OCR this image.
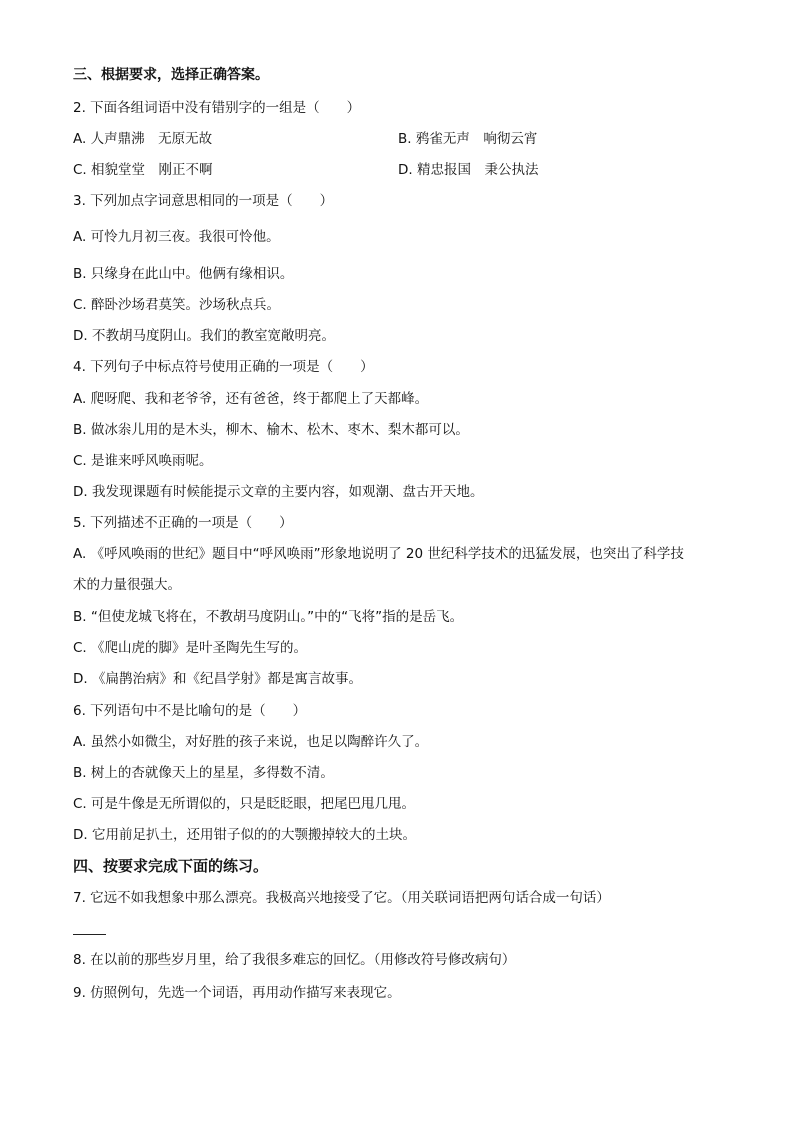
三、根据要求，选择正确答案。
2. 下面各组词语中没有错别字的一组是（　　）
A. 人声鼎沸　无原无故	B. 鸦雀无声　响彻云宵
C. 相貌堂堂　刚正不啊	D. 精忠报国　秉公执法
3. 下列加点字词意思相同的一项是（　　）
A. 可怜九月初三夜。我很可怜他。
B. 只缘身在此山中。他俩有缘相识。
C. 醉卧沙场君莫笑。沙场秋点兵。
D. 不教胡马度阴山。我们的教室宽敞明亮。
4. 下列句子中标点符号使用正确的一项是（　　）
A. 爬呀爬、我和老爷爷，还有爸爸，终于都爬上了天都峰。
B. 做冰尜儿用的是木头，柳木、榆木、松木、枣木、梨木都可以。
C. 是谁来呼风唤雨呢。
D. 我发现课题有时候能提示文章的主要内容，如观潮、盘古开天地。
5. 下列描述不正确的一项是（　　）
A. 《呼风唤雨的世纪》题目中“呼风唤雨”形象地说明了 20 世纪科学技术的迅猛发展，也突出了科学技
术的力量很强大。
B. “但使龙城飞将在，不教胡马度阴山。”中的“飞将”指的是岳飞。
C. 《爬山虎的脚》是叶圣陶先生写的。
D. 《扁鹊治病》和《纪昌学射》都是寓言故事。
6. 下列语句中不是比喻句的是（　　）
A. 虽然小如微尘，对好胜的孩子来说，也足以陶醉许久了。
B. 树上的杏就像天上的星星，多得数不清。
C. 可是牛像是无所谓似的，只是眨眨眼，把尾巴甩几甩。
D. 它用前足扒土，还用钳子似的的大颚搬掉较大的土块。
四、按要求完成下面的练习。
7. 它远不如我想象中那么漂亮。我极高兴地接受了它。（用关联词语把两句话合成一句话）
8. 在以前的那些岁月里，给了我很多难忘的回忆。（用修改符号修改病句）
9. 仿照例句，先选一个词语，再用动作描写来表现它。
